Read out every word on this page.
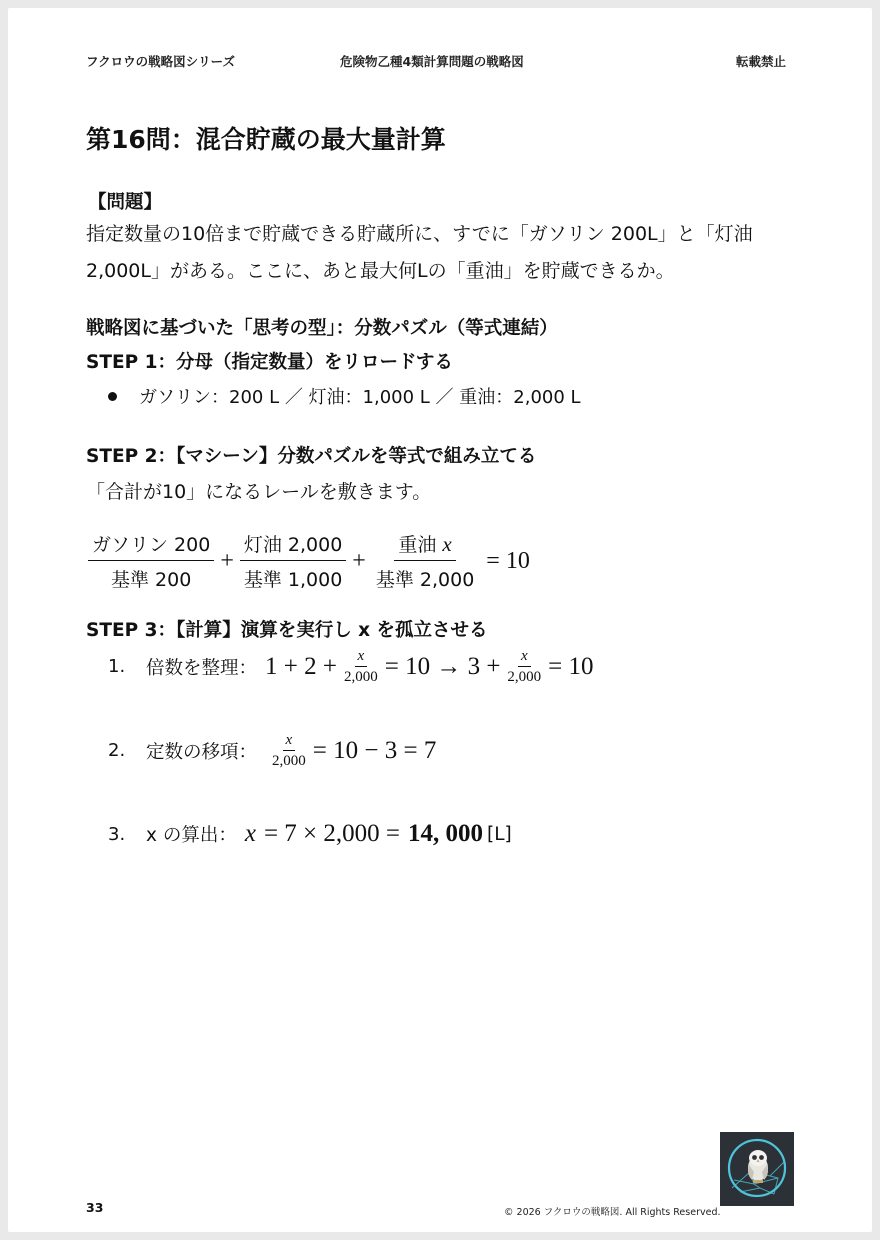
フクロウの戦略図シリーズ	危険物乙種4類計算問題の戦略図	転載禁止
第16問：混合貯蔵の最大量計算
【問題】
指定数量の10倍まで貯蔵できる貯蔵所に、すでに「ガソリン 200L」と「灯油 2,000L」がある。ここに、あと最大何Lの「重油」を貯蔵できるか。
戦略図に基づいた「思考の型」：分数パズル（等式連結）
STEP 1：分母（指定数量）をリロードする
ガソリン：200 L ／ 灯油：1,000 L ／ 重油：2,000 L
STEP 2：【マシーン】分数パズルを等式で組み立てる
「合計が10」になるレールを敷きます。
$\frac{\text{ガソリン 200}}{\text{基準 200}} + \frac{\text{灯油 2,000}}{\text{基準 1,000}} + \frac{\text{重油 x}}{\text{基準 2,000}} = 10$
STEP 3：【計算】演算を実行し x を孤立させる
1.	倍数を整理： $1 + 2 + \frac{x}{2,000} = 10 \to 3 + \frac{x}{2,000} = 10$
2.	定数の移項： $\frac{x}{2,000} = 10 - 3 = 7$
3.	x の算出： x = 7 × 2,000 = 14, 000 [L]
33	© 2026 フクロウの戦略図. All Rights Reserved.
